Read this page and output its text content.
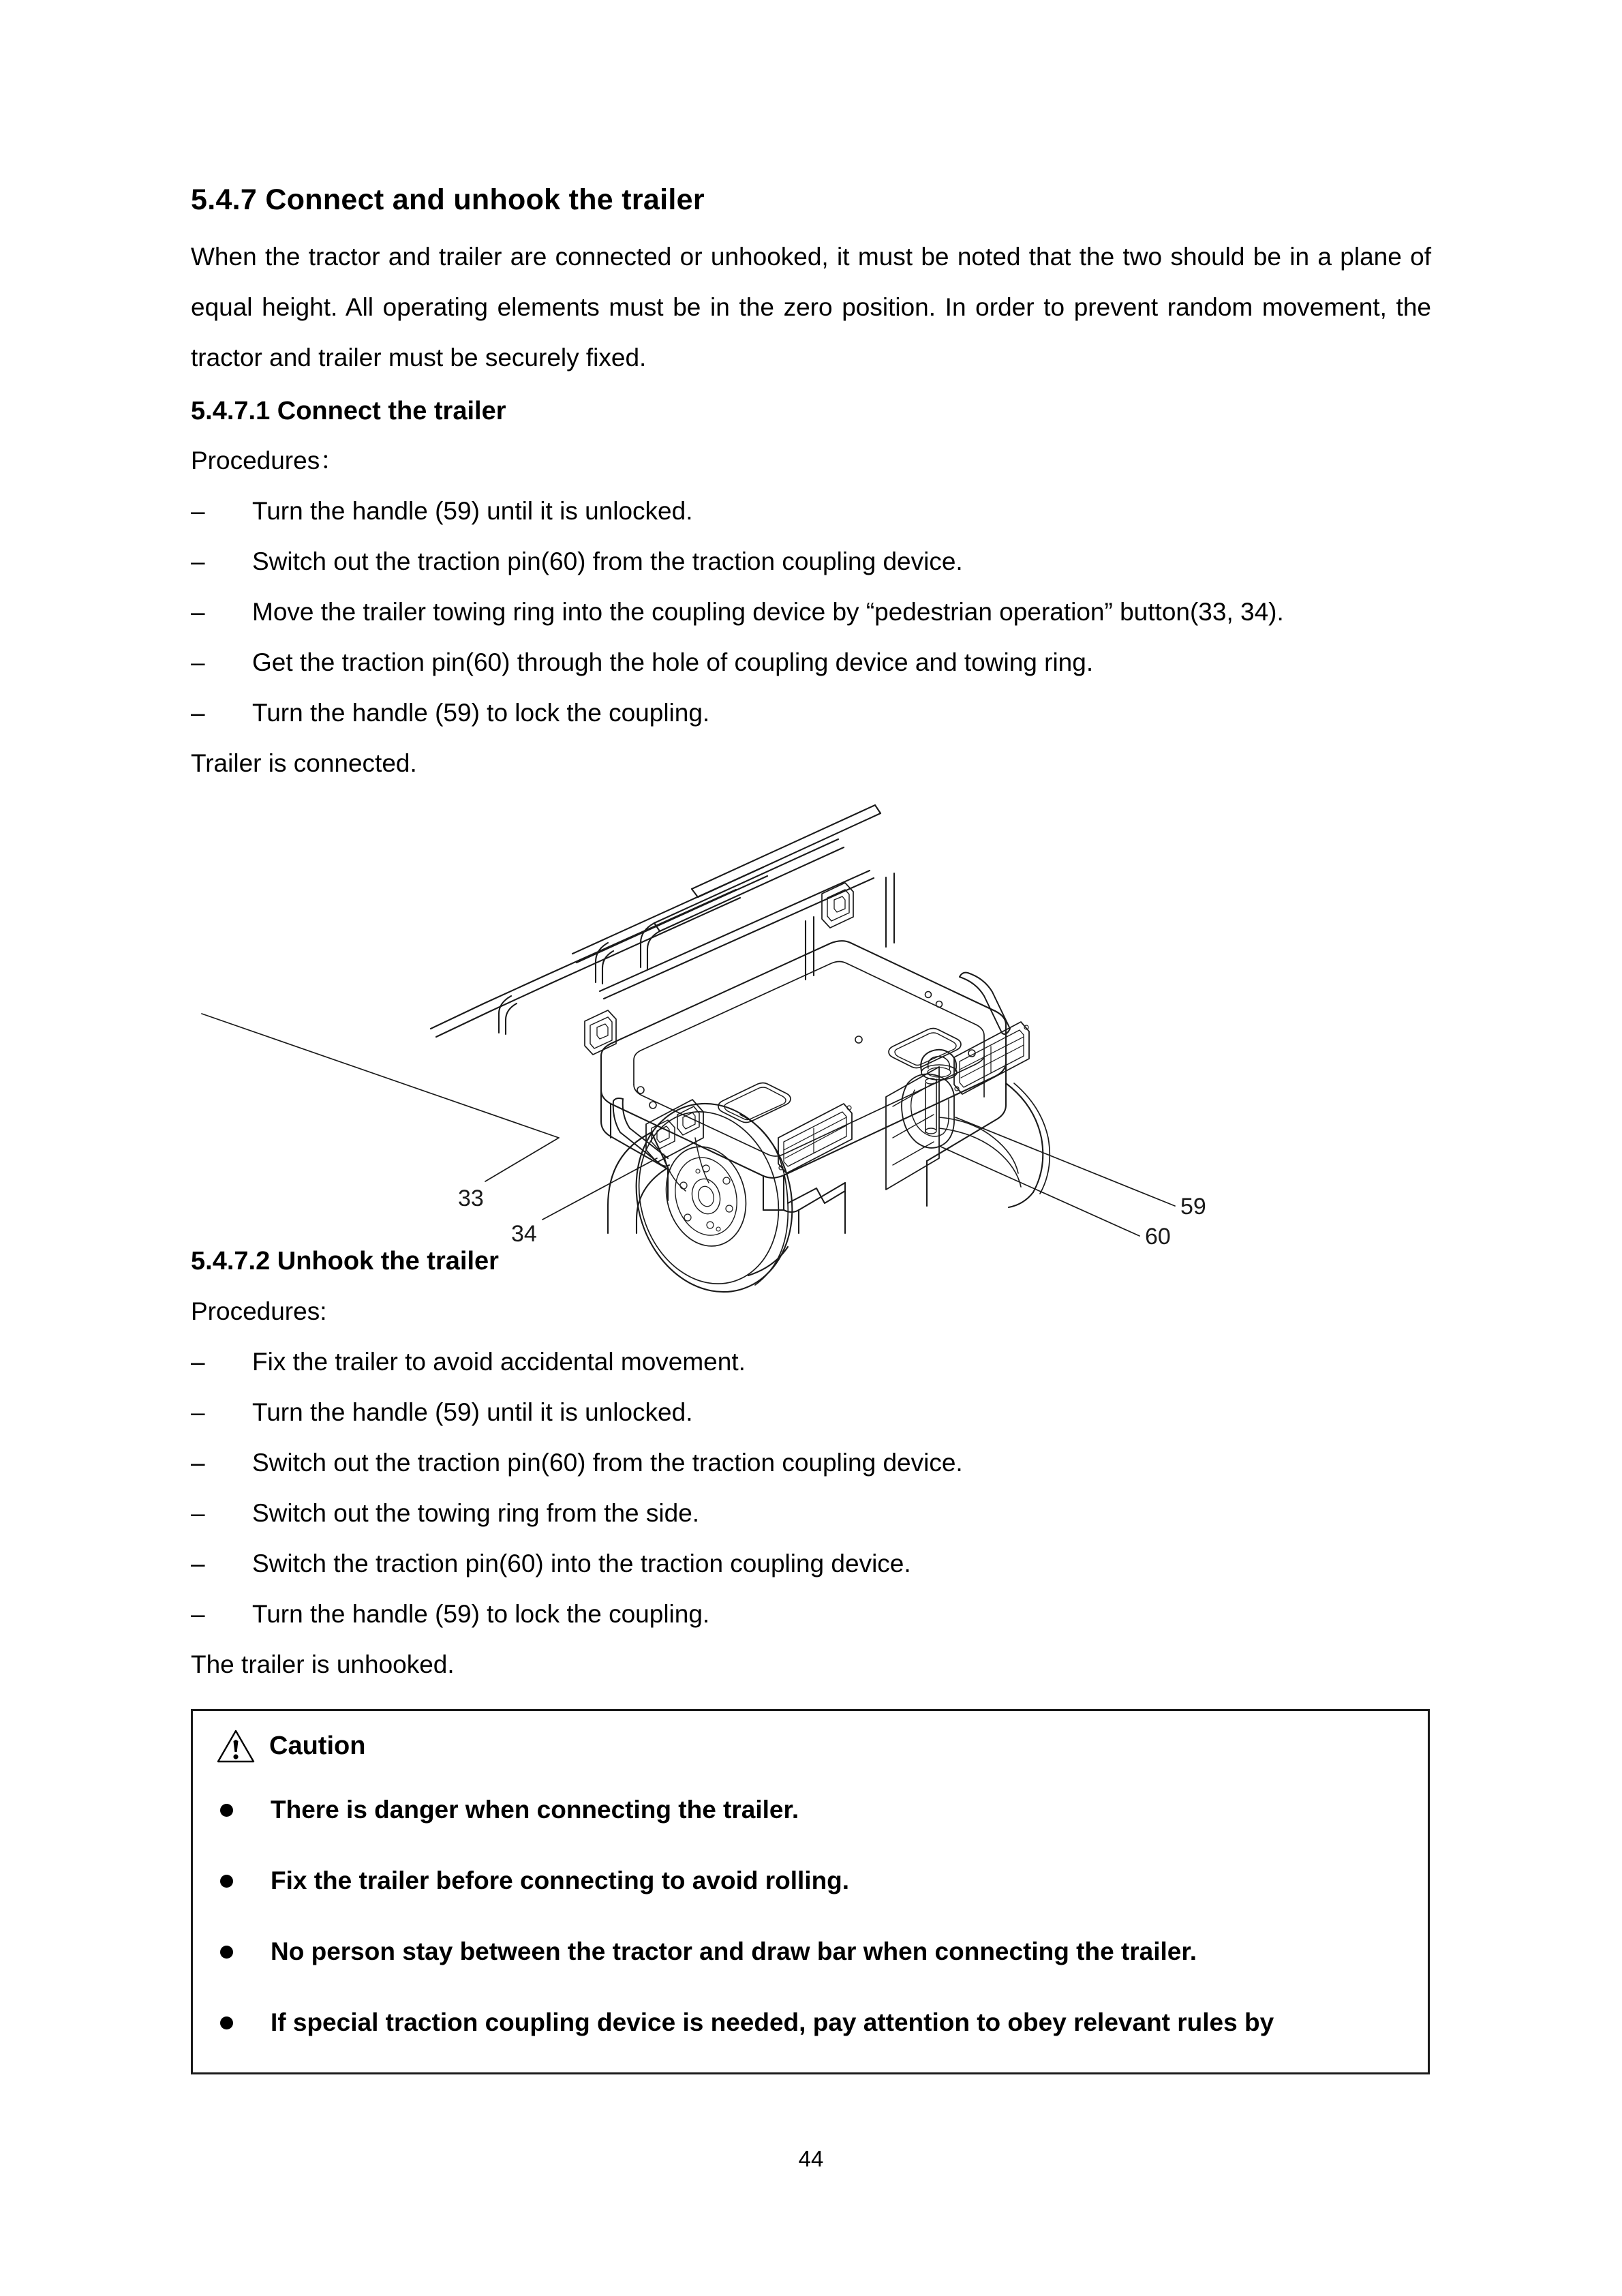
5.4.7 Connect and unhook the trailer

When the tractor and trailer are connected or unhooked, it must be noted that the two should be in a plane of equal height. All operating elements must be in the zero position. In order to prevent random movement, the tractor and trailer must be securely fixed.

5.4.7.1 Connect the trailer

Procedures：

– Turn the handle (59) until it is unlocked.
– Switch out the traction pin(60) from the traction coupling device.
– Move the trailer towing ring into the coupling device by “pedestrian operation” button(33, 34).
– Get the traction pin(60) through the hole of coupling device and towing ring.
– Turn the handle (59) to lock the coupling.

Trailer is connected.

33
34
59
60
5.4.7.2 Unhook the trailer

Procedures:

– Fix the trailer to avoid accidental movement.
– Turn the handle (59) until it is unlocked.
– Switch out the traction pin(60) from the traction coupling device.
– Switch out the towing ring from the side.
– Switch the traction pin(60) into the traction coupling device.
– Turn the handle (59) to lock the coupling.

The trailer is unhooked.

Caution
There is danger when connecting the trailer.
Fix the trailer before connecting to avoid rolling.
No person stay between the tractor and draw bar when connecting the trailer.
If special traction coupling device is needed, pay attention to obey relevant rules by
44
